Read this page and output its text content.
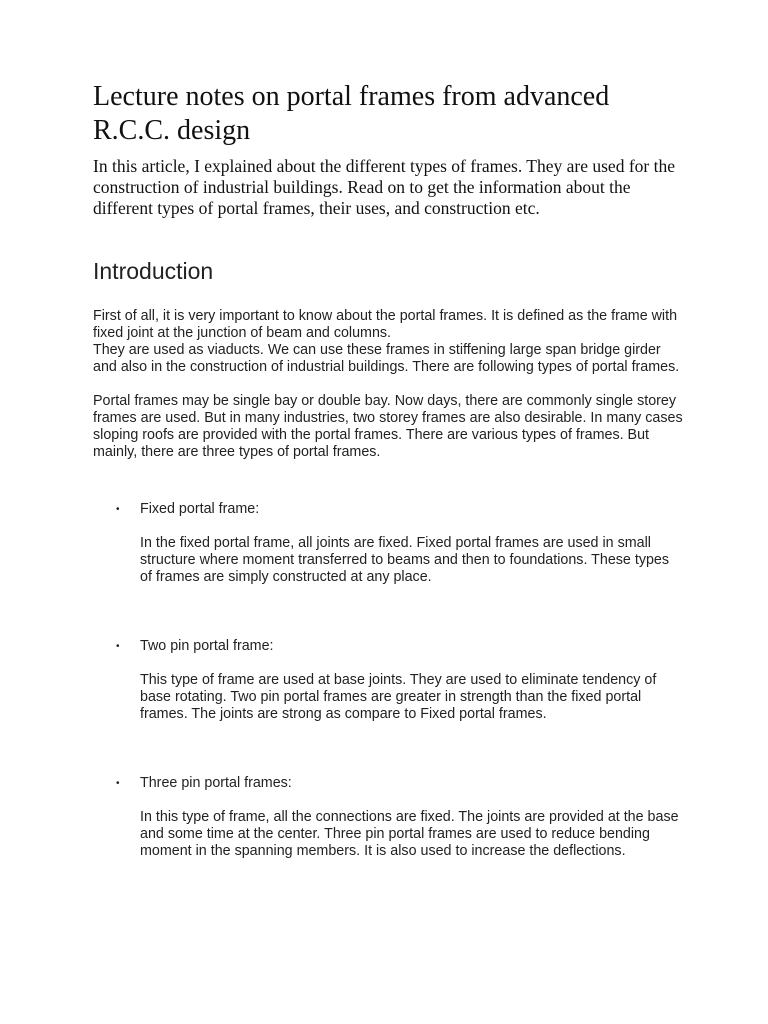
Lecture notes on portal frames from advanced R.C.C. design

In this article, I explained about the different types of frames. They are used for the construction of industrial buildings. Read on to get the information about the different types of portal frames, their uses, and construction etc.

Introduction

First of all, it is very important to know about the portal frames. It is defined as the frame with fixed joint at the junction of beam and columns.

They are used as viaducts. We can use these frames in stiffening large span bridge girder and also in the construction of industrial buildings. There are following types of portal frames.

Portal frames may be single bay or double bay. Now days, there are commonly single storey frames are used. But in many industries, two storey frames are also desirable. In many cases sloping roofs are provided with the portal frames. There are various types of frames. But mainly, there are three types of portal frames.

• Fixed portal frame:
In the fixed portal frame, all joints are fixed. Fixed portal frames are used in small structure where moment transferred to beams and then to foundations. These types of frames are simply constructed at any place.
• Two pin portal frame:
This type of frame are used at base joints. They are used to eliminate tendency of base rotating. Two pin portal frames are greater in strength than the fixed portal frames. The joints are strong as compare to Fixed portal frames.
• Three pin portal frames:
In this type of frame, all the connections are fixed. The joints are provided at the base and some time at the center. Three pin portal frames are used to reduce bending moment in the spanning members. It is also used to increase the deflections.
